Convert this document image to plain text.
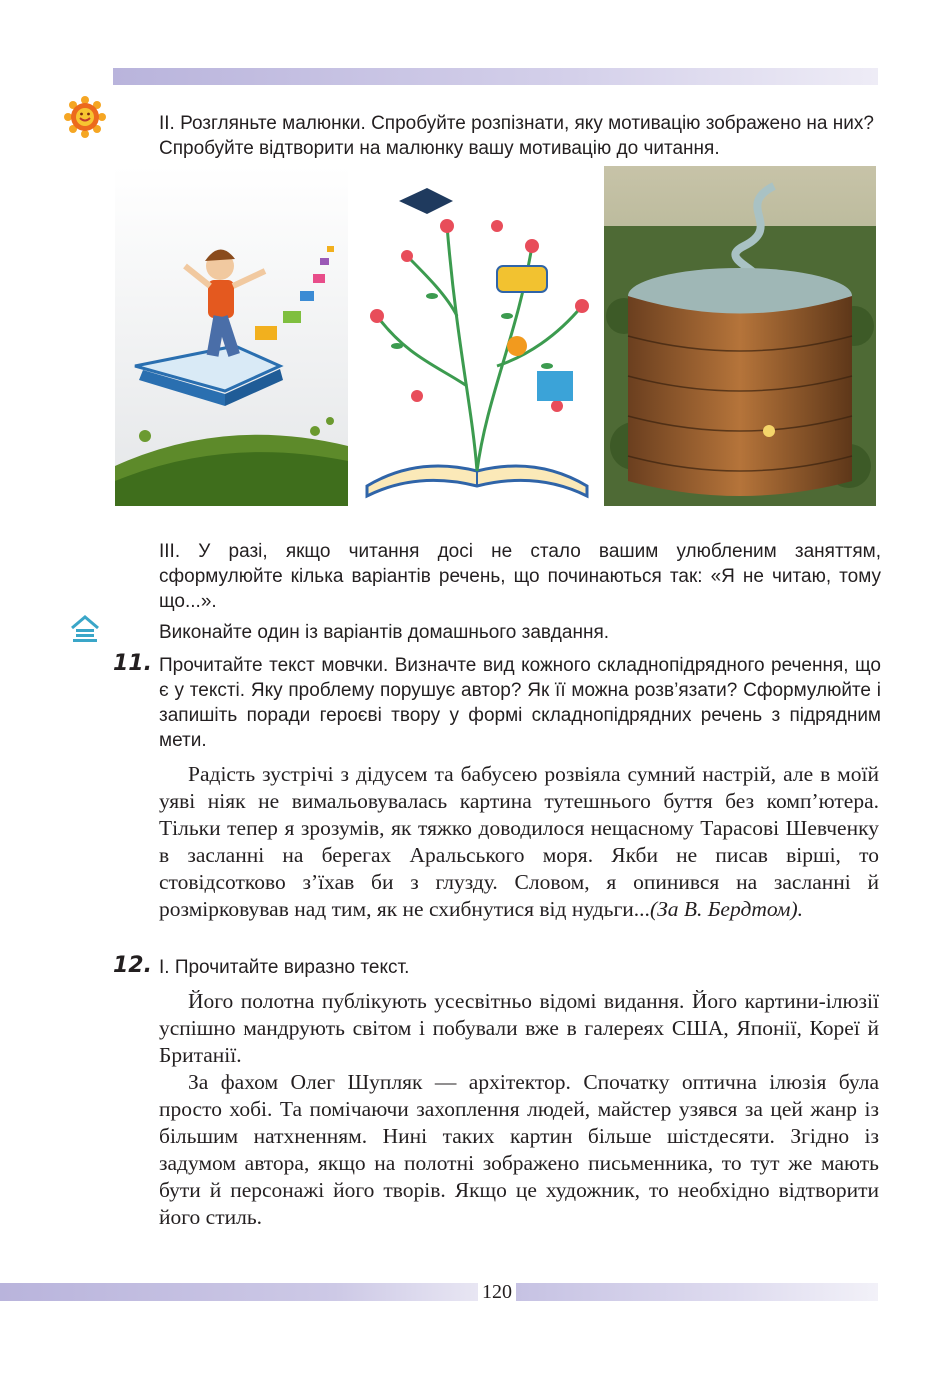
II. Розгляньте малюнки. Спробуйте розпізнати, яку мотивацію зображено на них? Спробуйте відтворити на малюнку вашу мотивацію до читання.
III. У разі, якщо читання досі не стало вашим улюбленим заняттям, сформулюйте кілька варіантів речень, що починаються так: «Я не читаю, тому що...».
Виконайте один із варіантів домашнього завдання.
11. Прочитайте текст мовчки. Визначте вид кожного складнопідрядного речення, що є у тексті. Яку проблему порушує автор? Як її можна розв’язати? Сформулюйте і запишіть поради героєві твору у формі складнопідрядних речень з підрядним мети.

Радість зустрічі з дідусем та бабусею розвіяла сумний настрій, але в моїй уяві ніяк не вимальовувалась картина тутешнього буття без комп’ютера. Тільки тепер я зрозумів, як тяжко доводилося нещасному Тарасові Шевченку в засланні на берегах Аральського моря. Якби не писав вірші, то стовідсотково з’їхав би з глузду. Словом, я опинився на засланні й розмірковував над тим, як не схибнутися від нудьги...(За В. Бердтом).

12. I. Прочитайте виразно текст.

Його полотна публікують усесвітньо відомі видання. Його картини-ілюзії успішно мандрують світом і побували вже в галереях США, Японії, Кореї й Британії.

За фахом Олег Шупляк — архітектор. Спочатку оптична ілюзія була просто хобі. Та помічаючи захоплення людей, майстер узявся за цей жанр із більшим натхненням. Нині таких картин більше шістдесяти. Згідно із задумом автора, якщо на полотні зображено письменника, то тут же мають бути й персонажі його творів. Якщо це художник, то необхідно відтворити його стиль.

120
